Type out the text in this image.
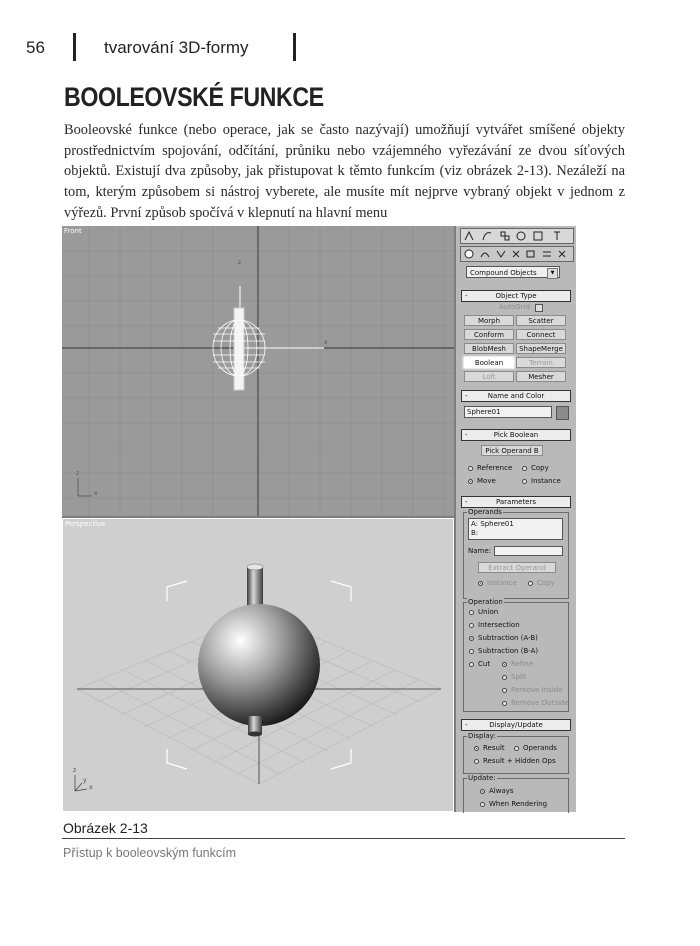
56	tvarování 3D-formy
BOOLEOVSKÉ FUNKCE
Booleovské funkce (nebo operace, jak se často nazývají) umožňují vytvářet smíšené objekty prostřednictvím spojování, odčítání, průniku nebo vzájemného vyřezávání ze dvou síťových objektů. Existují dva způsoby, jak přistupovat k těmto funkcím (viz obrázek 2-13). Nezáleží na tom, kterým způsobem si nástroj vyberete, ale musíte mít nejprve vybraný objekt v jednom z výřezů. První způsob spočívá v klepnutí na hlavní menu
Front
z
x
z
x
Perspective
z
x
y
Compound Objects	▼
-	Object Type
AutoGrid
Morph	Scatter
Conform	Connect
BlobMesh	ShapeMerge
Boolean	Terrain
Loft	Mesher
-	Name and Color
Sphere01
-	Pick Boolean
Pick Operand B
Reference	Copy
Move	Instance
-	Parameters
Operands
A: Sphere01
B:
Name:
Extract Operand
Instance	Copy
Operation
Union
Intersection
Subtraction (A-B)
Subtraction (B-A)
Cut	Refine
Split
Remove Inside
Remove Outside
-	Display/Update
Display:
Result	Operands
Result + Hidden Ops
Update:
Always
When Rendering
Obrázek 2-13
Přístup k booleovským funkcím
